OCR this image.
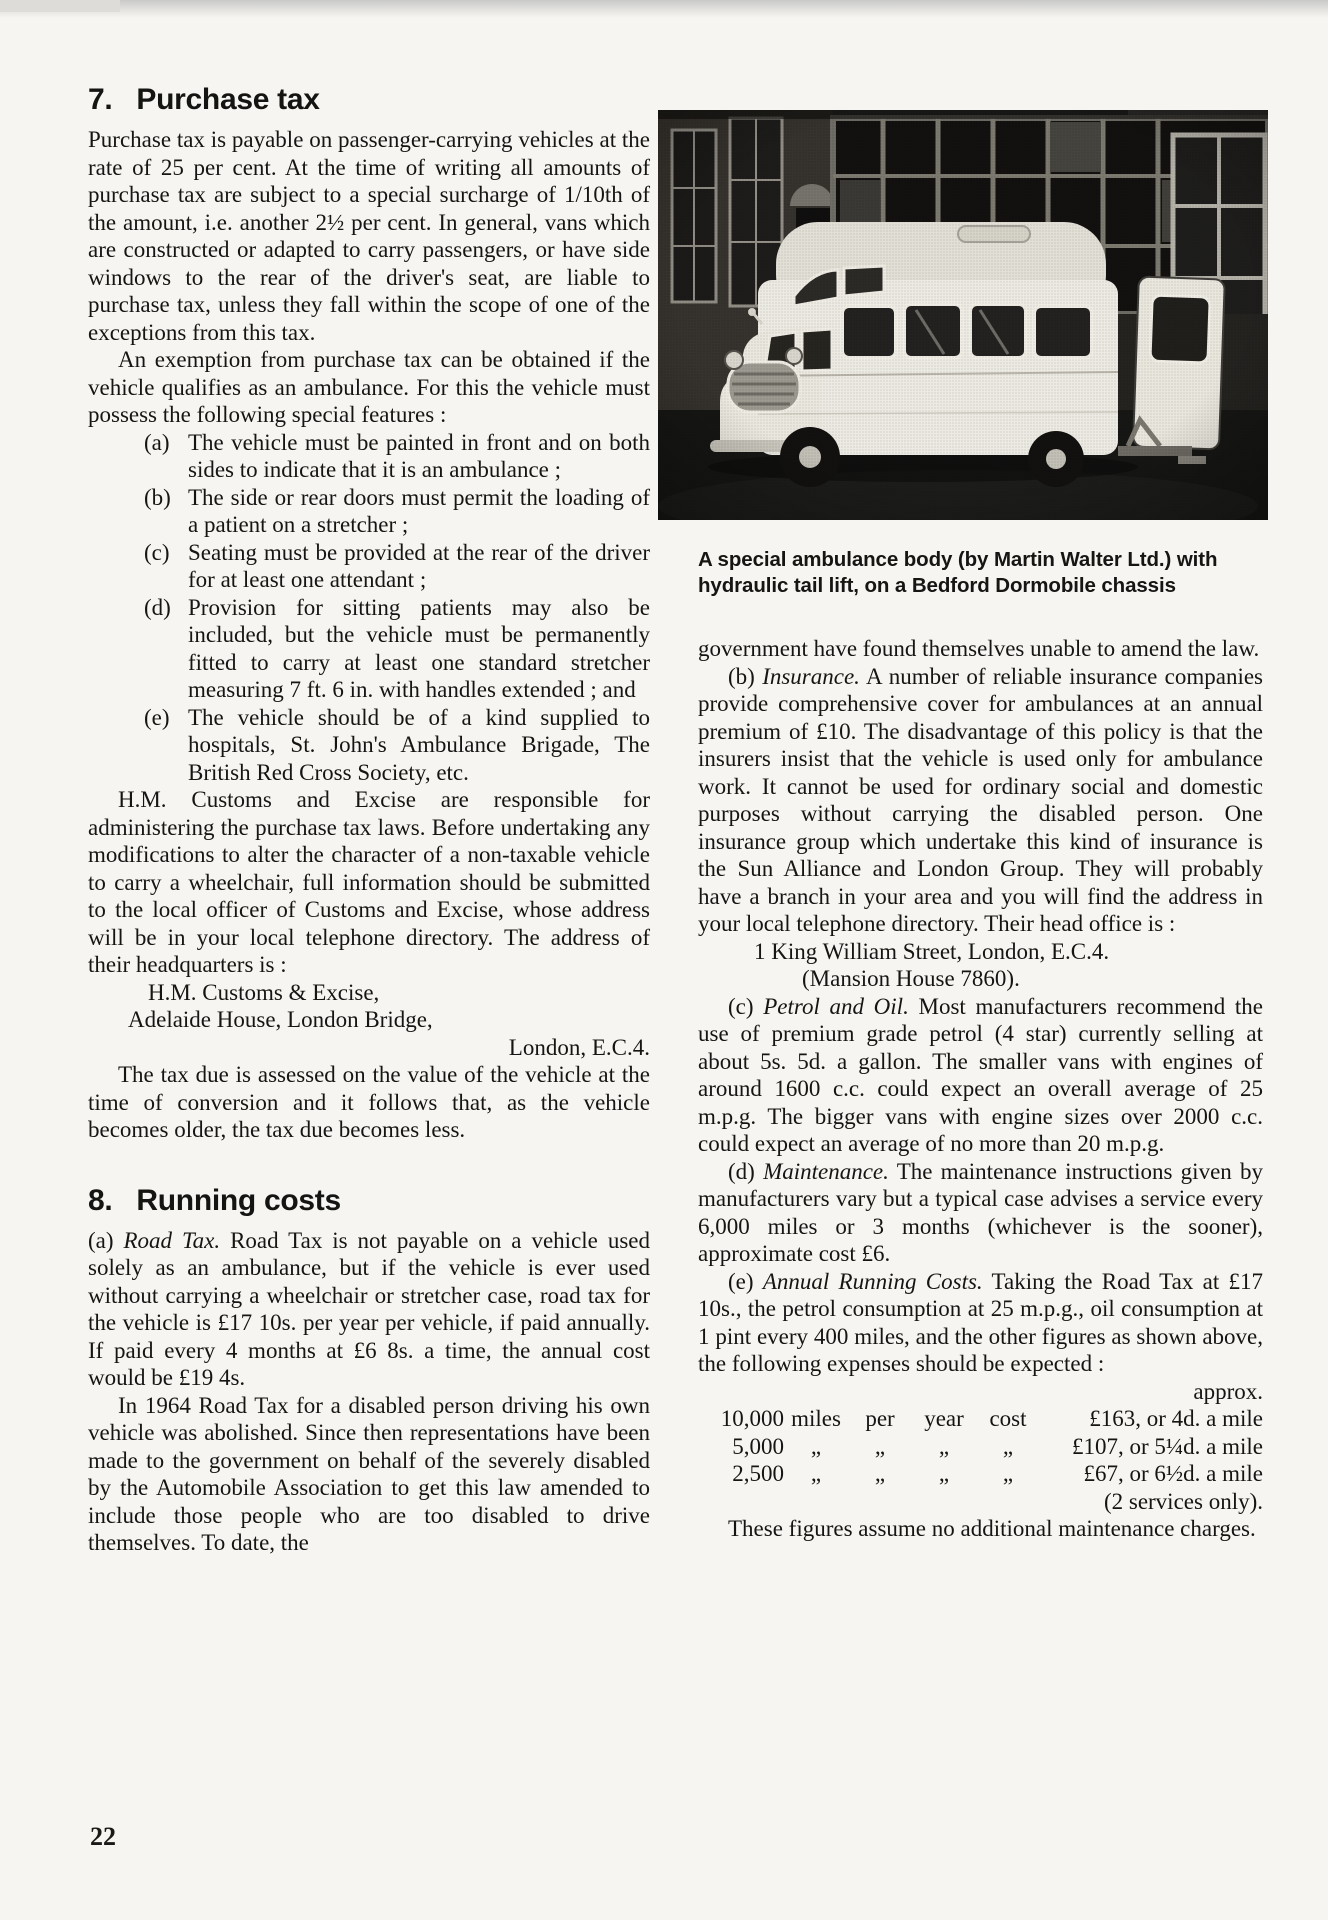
7. Purchase tax

Purchase tax is payable on passenger-carrying vehicles at the rate of 25 per cent. At the time of writing all amounts of purchase tax are subject to a special surcharge of 1/10th of the amount, i.e. another 2½ per cent. In general, vans which are constructed or adapted to carry passengers, or have side windows to the rear of the driver's seat, are liable to purchase tax, unless they fall within the scope of one of the exceptions from this tax.

An exemption from purchase tax can be obtained if the vehicle qualifies as an ambulance. For this the vehicle must possess the following special features :

(a) The vehicle must be painted in front and on both sides to indicate that it is an ambulance ;
(b) The side or rear doors must permit the loading of a patient on a stretcher ;
(c) Seating must be provided at the rear of the driver for at least one attendant ;
(d) Provision for sitting patients may also be included, but the vehicle must be permanently fitted to carry at least one standard stretcher measuring 7 ft. 6 in. with handles extended ; and
(e) The vehicle should be of a kind supplied to hospitals, St. John's Ambulance Brigade, The British Red Cross Society, etc.

H.M. Customs and Excise are responsible for administering the purchase tax laws. Before undertaking any modifications to alter the character of a non-taxable vehicle to carry a wheelchair, full information should be submitted to the local officer of Customs and Excise, whose address will be in your local telephone directory. The address of their headquarters is :

H.M. Customs & Excise,
Adelaide House, London Bridge,
London, E.C.4.

The tax due is assessed on the value of the vehicle at the time of conversion and it follows that, as the vehicle becomes older, the tax due becomes less.

8. Running costs

(a) Road Tax. Road Tax is not payable on a vehicle used solely as an ambulance, but if the vehicle is ever used without carrying a wheelchair or stretcher case, road tax for the vehicle is £17 10s. per year per vehicle, if paid annually. If paid every 4 months at £6 8s. a time, the annual cost would be £19 4s.

In 1964 Road Tax for a disabled person driving his own vehicle was abolished. Since then representations have been made to the government on behalf of the severely disabled by the Automobile Association to get this law amended to include those people who are too disabled to drive themselves. To date, the

A special ambulance body (by Martin Walter Ltd.) with hydraulic tail lift, on a Bedford Dormobile chassis

government have found themselves unable to amend the law.

(b) Insurance. A number of reliable insurance companies provide comprehensive cover for ambulances at an annual premium of £10. The disadvantage of this policy is that the insurers insist that the vehicle is used only for ambulance work. It cannot be used for ordinary social and domestic purposes without carrying the disabled person. One insurance group which undertake this kind of insurance is the Sun Alliance and London Group. They will probably have a branch in your area and you will find the address in your local telephone directory. Their head office is :

1 King William Street, London, E.C.4.
(Mansion House 7860).

(c) Petrol and Oil. Most manufacturers recommend the use of premium grade petrol (4 star) currently selling at about 5s. 5d. a gallon. The smaller vans with engines of around 1600 c.c. could expect an overall average of 25 m.p.g. The bigger vans with engine sizes over 2000 c.c. could expect an average of no more than 20 m.p.g.

(d) Maintenance. The maintenance instructions given by manufacturers vary but a typical case advises a service every 6,000 miles or 3 months (whichever is the sooner), approximate cost £6.

(e) Annual Running Costs. Taking the Road Tax at £17 10s., the petrol consumption at 25 m.p.g., oil consumption at 1 pint every 400 miles, and the other figures as shown above, the following expenses should be expected :

approx.
10,000 miles	per	year	cost	£163, or 4d. a mile
5,000	„	„	„	„	£107, or 5¼d. a mile
2,500	„	„	„	„	£67, or 6½d. a mile
(2 services only).

These figures assume no additional maintenance charges.

22
